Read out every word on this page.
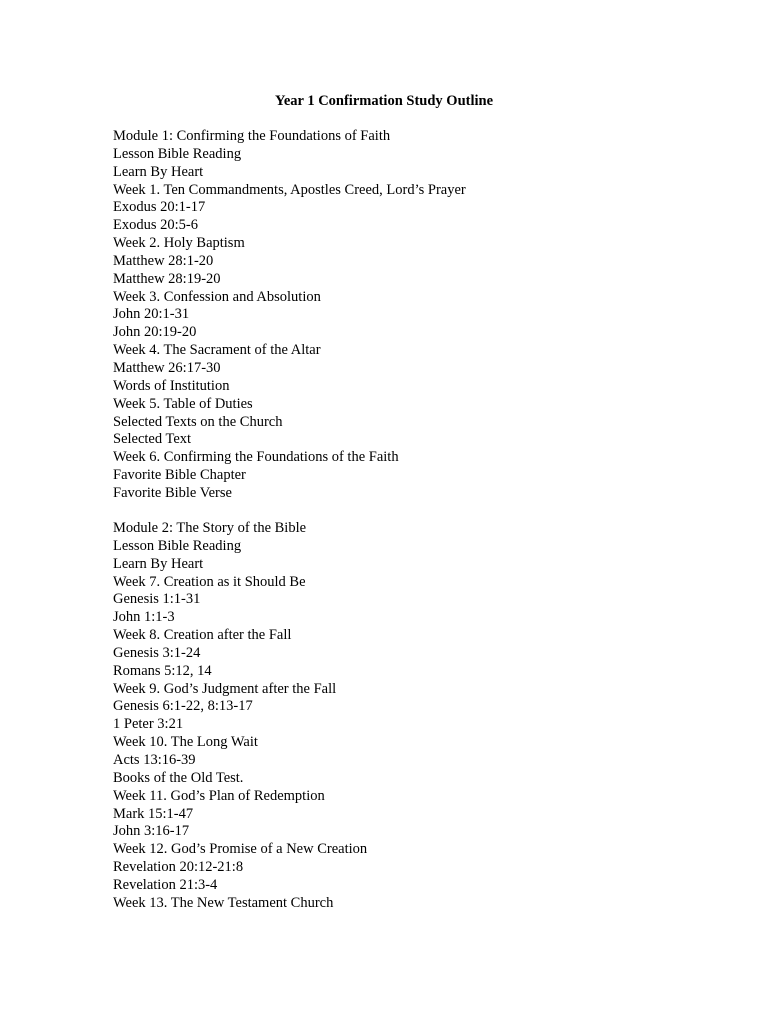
Year 1 Confirmation Study Outline
Module 1: Confirming the Foundations of Faith
Lesson Bible Reading
Learn By Heart
Week 1. Ten Commandments, Apostles Creed, Lord’s Prayer
Exodus 20:1-17
Exodus 20:5-6
Week 2. Holy Baptism
Matthew 28:1-20
Matthew 28:19-20
Week 3. Confession and Absolution
John 20:1-31
John 20:19-20
Week 4. The Sacrament of the Altar
Matthew 26:17-30
Words of Institution
Week 5. Table of Duties
Selected Texts on the Church
Selected Text
Week 6. Confirming the Foundations of the Faith
Favorite Bible Chapter
Favorite Bible Verse
Module 2: The Story of the Bible
Lesson Bible Reading
Learn By Heart
Week 7. Creation as it Should Be
Genesis 1:1-31
John 1:1-3
Week 8. Creation after the Fall
Genesis 3:1-24
Romans 5:12, 14
Week 9. God’s Judgment after the Fall
Genesis 6:1-22, 8:13-17
1 Peter 3:21
Week 10. The Long Wait
Acts 13:16-39
Books of the Old Test.
Week 11. God’s Plan of Redemption
Mark 15:1-47
John 3:16-17
Week 12. God’s Promise of a New Creation
Revelation 20:12-21:8
Revelation 21:3-4
Week 13. The New Testament Church
